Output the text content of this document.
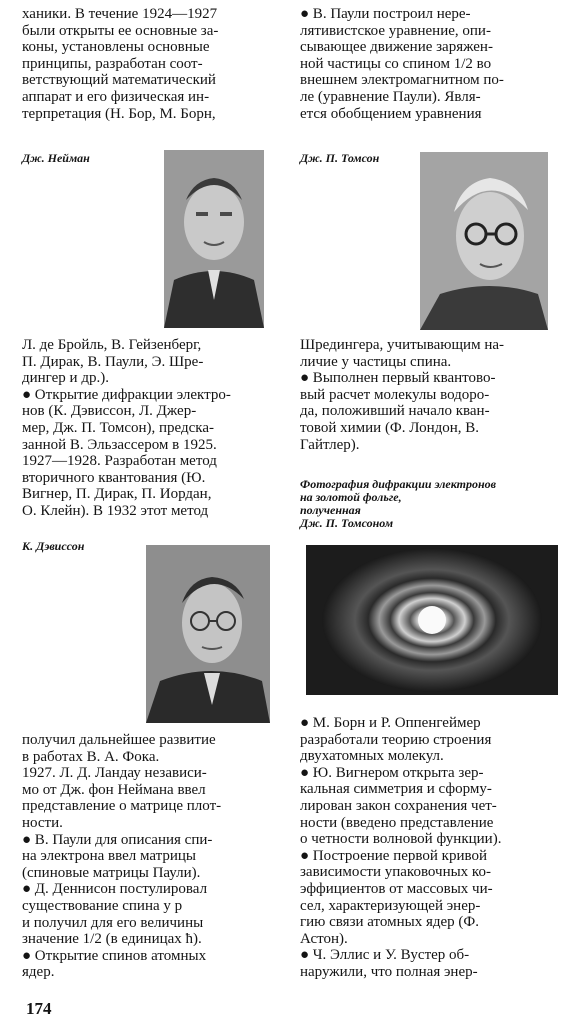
ханики. В течение 1924—1927

были открыты ее основные за-

коны, установлены основные

принципы, разработан соот-

ветствующий математический

аппарат и его физическая ин-

терпретация (Н. Бор, М. Борн,

Дж. Нейман

Л. де Бройль, В. Гейзенберг,

П. Дирак, В. Паули, Э. Шре-

дингер и др.).

● Открытие дифракции электро-

нов (К. Дэвиссон, Л. Джер-

мер, Дж. П. Томсон), предска-

занной В. Эльзассером в 1925.

1927—1928. Разработан метод

вторичного квантования (Ю.

Вигнер, П. Дирак, П. Иордан,

О. Клейн). В 1932 этот метод

К. Дэвиссон

получил дальнейшее развитие

в работах В. А. Фока.

1927. Л. Д. Ландау независи-

мо от Дж. фон Неймана ввел

представление о матрице плот-

ности.

● В. Паули для описания спи-

на электрона ввел матрицы

(спиновые матрицы Паули).

● Д. Деннисон постулировал

существование спина у p

и получил для его величины

значение 1/2 (в единицах ħ).

● Открытие спинов атомных

ядер.

● В. Паули построил нере-

лятивистское уравнение, опи-

сывающее движение заряжен-

ной частицы со спином 1/2 во

внешнем электромагнитном по-

ле (уравнение Паули). Явля-

ется обобщением уравнения

Дж. П. Томсон

Шредингера, учитывающим на-

личие у частицы спина.

● Выполнен первый квантово-

вый расчет молекулы водоро-

да, положивший начало кван-

товой химии (Ф. Лондон, В.

Гайтлер).

Фотография дифракции электронов
на золотой фольге,
полученная
Дж. П. Томсоном

● М. Борн и Р. Оппенгеймер

разработали теорию строения

двухатомных молекул.

● Ю. Вигнером открыта зер-

кальная симметрия и сформу-

лирован закон сохранения чет-

ности (введено представление

о четности волновой функции).

● Построение первой кривой

зависимости упаковочных ко-

эффициентов от массовых чи-

сел, характеризующей энер-

гию связи атомных ядер (Ф.

Астон).

● Ч. Эллис и У. Вустер об-

наружили, что полная энер-

174
